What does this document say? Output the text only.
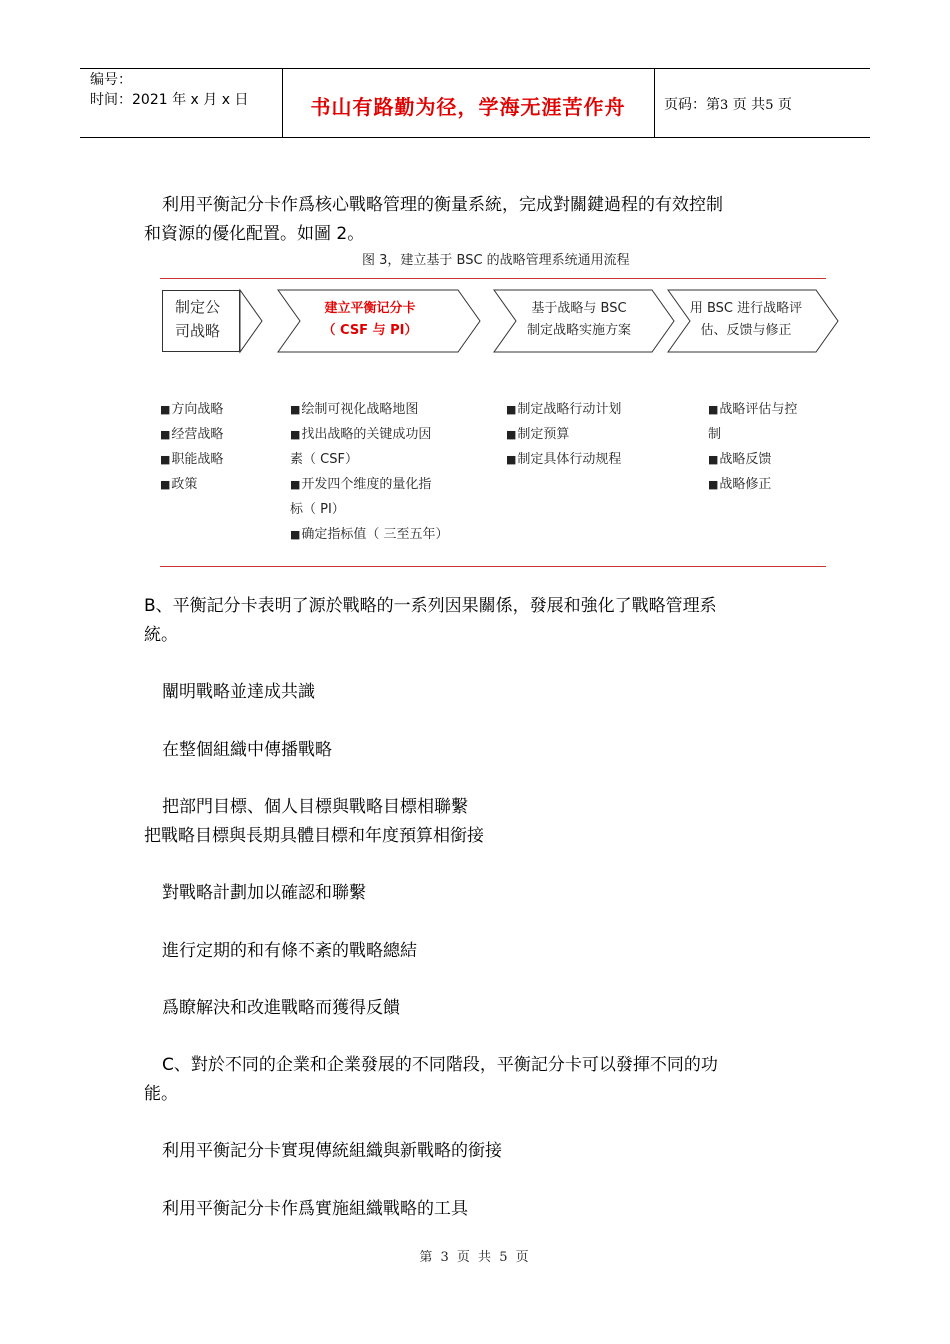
编号：
时间：2021 年 x 月 x 日	书山有路勤为径，学海无涯苦作舟	页码：第3 页 共5 页
利用平衡記分卡作爲核心戰略管理的衡量系統，完成對關鍵過程的有效控制
和資源的優化配置。如圖 2。
图 3，建立基于 BSC 的战略管理系统通用流程
制定公
司战略
建立平衡记分卡
（ CSF 与 PI）
基于战略与 BSC
制定战略实施方案
用 BSC 进行战略评
估、反馈与修正
■ 方向战略
■ 经营战略
■ 职能战略
■ 政策
■ 绘制可视化战略地图
■ 找出战略的关键成功因
素（ CSF）
■ 开发四个维度的量化指
标（ PI）
■ 确定指标值（ 三至五年）
■ 制定战略行动计划
■ 制定预算
■ 制定具体行动规程
■ 战略评估与控
制
■ 战略反馈
■ 战略修正
B、平衡記分卡表明了源於戰略的一系列因果關係，發展和強化了戰略管理系
統。
闡明戰略並達成共識
在整個組織中傳播戰略
把部門目標、個人目標與戰略目標相聯繫
把戰略目標與長期具體目標和年度預算相銜接
對戰略計劃加以確認和聯繫
進行定期的和有條不紊的戰略總結
爲瞭解決和改進戰略而獲得反饋
C、對於不同的企業和企業發展的不同階段，平衡記分卡可以發揮不同的功
能。
利用平衡記分卡實現傳統組織與新戰略的銜接
利用平衡記分卡作爲實施組織戰略的工具
第 3 页 共 5 页
